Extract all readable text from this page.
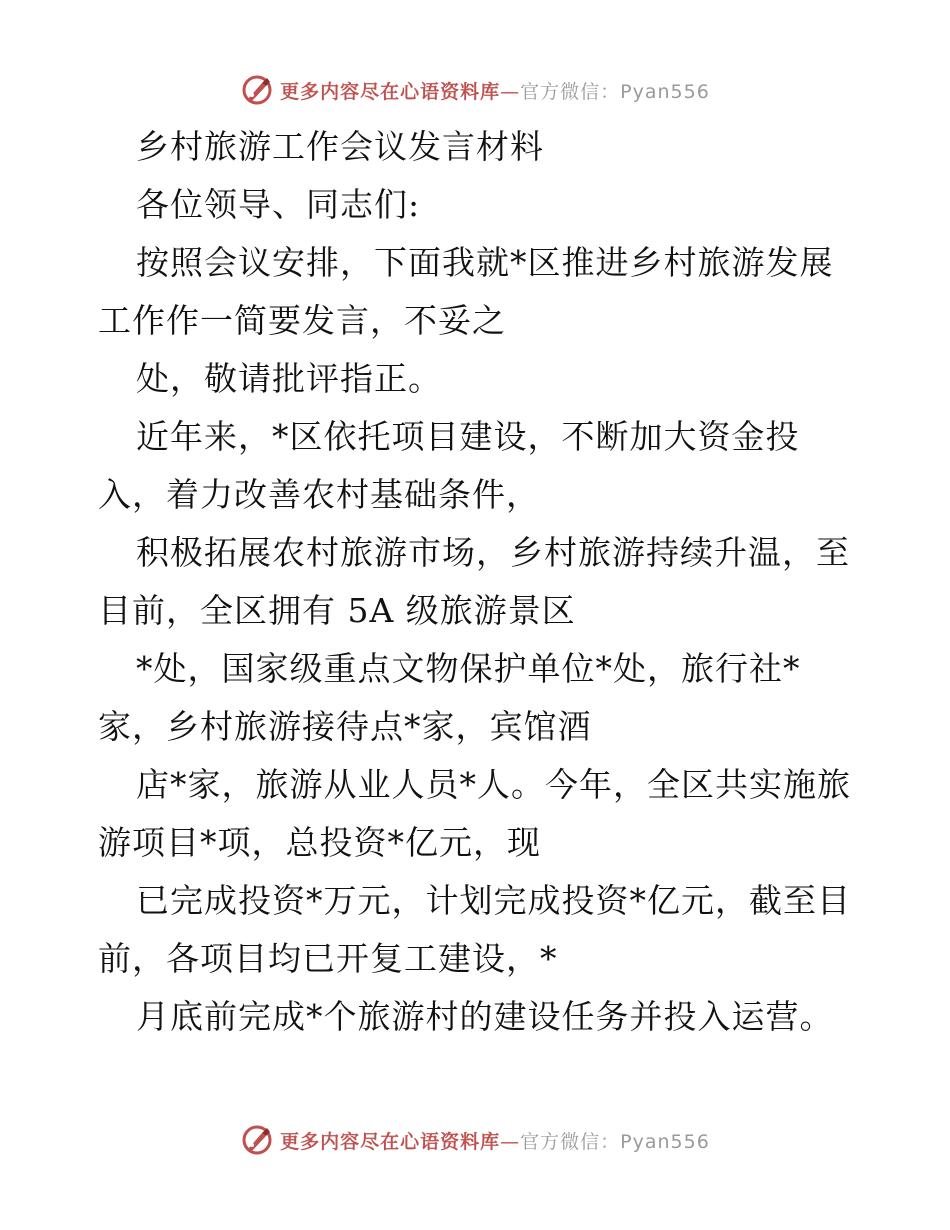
更多内容尽在心语资料库—官方微信：Pyan556
乡村旅游工作会议发言材料
各位领导、同志们:
按照会议安排，下面我就*区推进乡村旅游发展
工作作一简要发言，不妥之
处，敬请批评指正。
近年来，*区依托项目建设，不断加大资金投
入，着力改善农村基础条件，
积极拓展农村旅游市场，乡村旅游持续升温，至
目前，全区拥有 5A 级旅游景区
*处，国家级重点文物保护单位*处，旅行社*
家，乡村旅游接待点*家，宾馆酒
店*家，旅游从业人员*人。今年，全区共实施旅
游项目*项，总投资*亿元，现
已完成投资*万元，计划完成投资*亿元，截至目
前，各项目均已开复工建设，*
月底前完成*个旅游村的建设任务并投入运营。
更多内容尽在心语资料库—官方微信：Pyan556
